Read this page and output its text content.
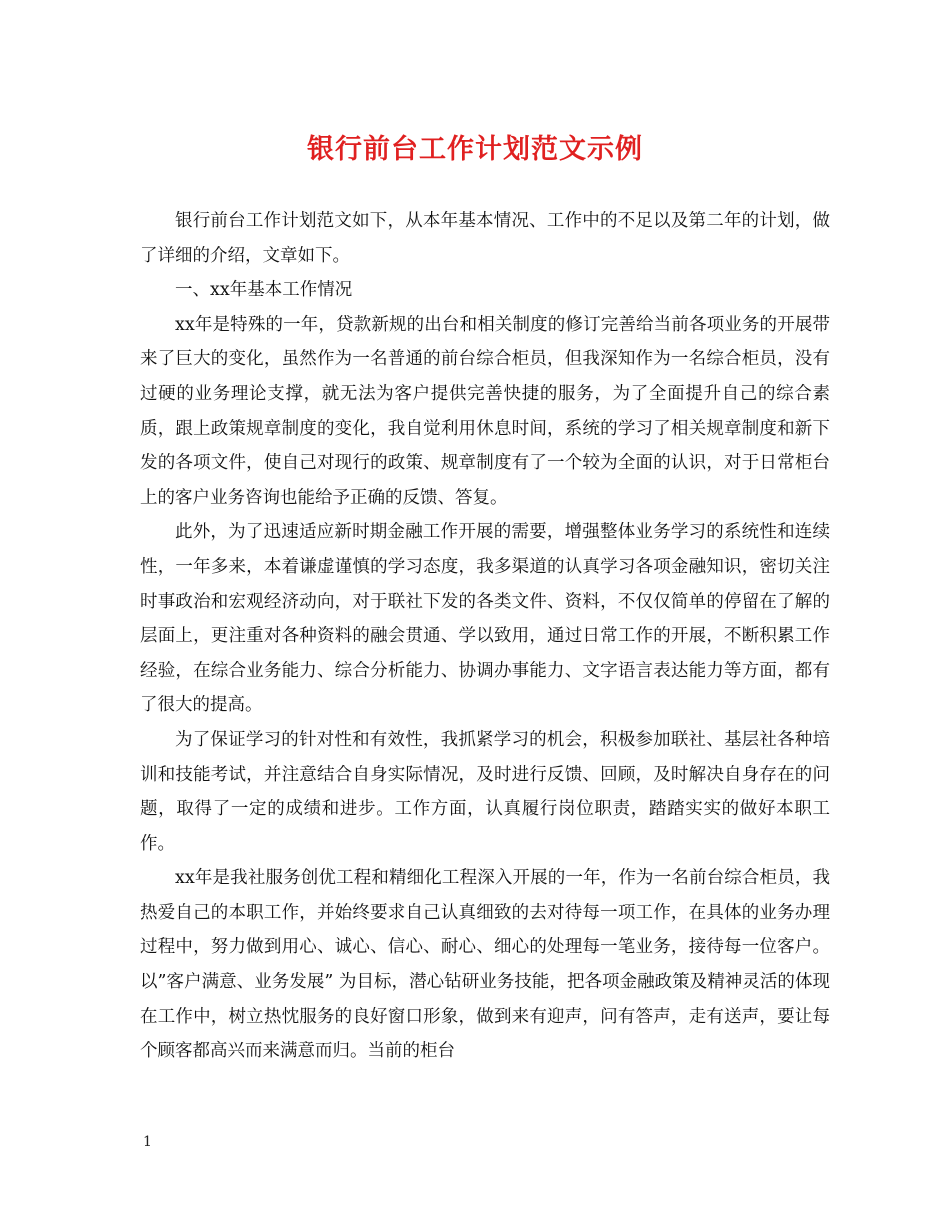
银行前台工作计划范文示例

银行前台工作计划范文如下，从本年基本情况、工作中的不足以及第二年的计划，做了详细的介绍，文章如下。

一、xx年基本工作情况

xx年是特殊的一年，贷款新规的出台和相关制度的修订完善给当前各项业务的开展带来了巨大的变化，虽然作为一名普通的前台综合柜员，但我深知作为一名综合柜员，没有过硬的业务理论支撑，就无法为客户提供完善快捷的服务，为了全面提升自己的综合素质，跟上政策规章制度的变化，我自觉利用休息时间，系统的学习了相关规章制度和新下发的各项文件，使自己对现行的政策、规章制度有了一个较为全面的认识，对于日常柜台上的客户业务咨询也能给予正确的反馈、答复。

此外，为了迅速适应新时期金融工作开展的需要，增强整体业务学习的系统性和连续性，一年多来，本着谦虚谨慎的学习态度，我多渠道的认真学习各项金融知识，密切关注时事政治和宏观经济动向，对于联社下发的各类文件、资料，不仅仅简单的停留在了解的层面上，更注重对各种资料的融会贯通、学以致用，通过日常工作的开展，不断积累工作经验，在综合业务能力、综合分析能力、协调办事能力、文字语言表达能力等方面，都有了很大的提高。

为了保证学习的针对性和有效性，我抓紧学习的机会，积极参加联社、基层社各种培训和技能考试，并注意结合自身实际情况，及时进行反馈、回顾，及时解决自身存在的问题，取得了一定的成绩和进步。工作方面，认真履行岗位职责，踏踏实实的做好本职工作。

xx年是我社服务创优工程和精细化工程深入开展的一年，作为一名前台综合柜员，我热爱自己的本职工作，并始终要求自己认真细致的去对待每一项工作，在具体的业务办理过程中，努力做到用心、诚心、信心、耐心、细心的处理每一笔业务，接待每一位客户。以”客户满意、业务发展” 为目标，潜心钻研业务技能，把各项金融政策及精神灵活的体现在工作中，树立热忱服务的良好窗口形象，做到来有迎声，问有答声，走有送声，要让每个顾客都高兴而来满意而归。当前的柜台

1
